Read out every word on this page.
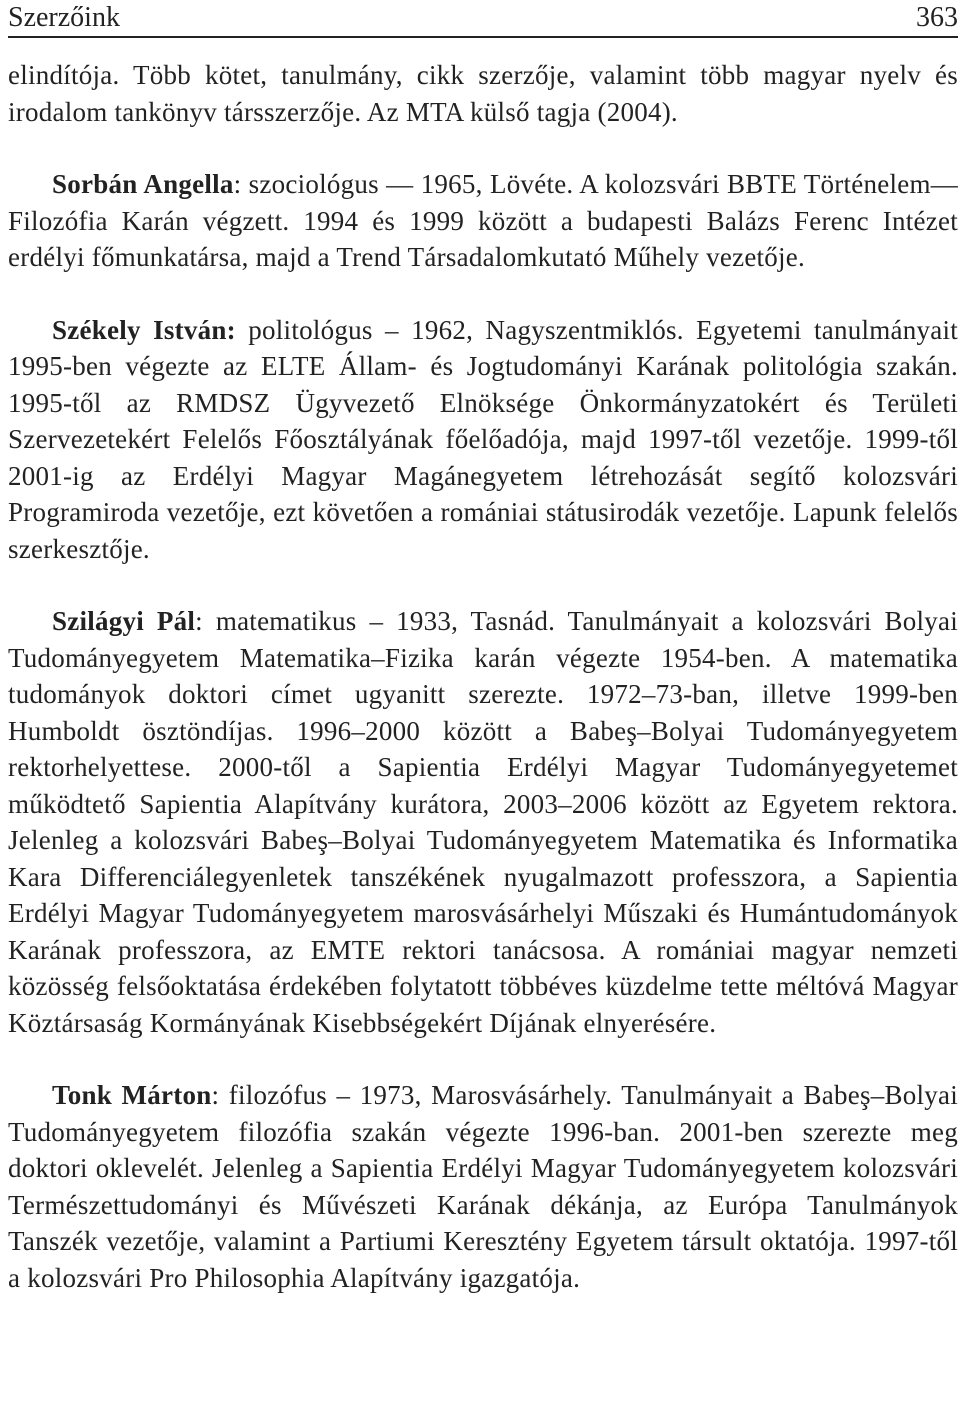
Szerzőink	363

elindítója. Több kötet, tanulmány, cikk szerzője, valamint több magyar nyelv és irodalom tankönyv társszerzője. Az MTA külső tagja (2004).

Sorbán Angella: szociológus — 1965, Lövéte. A kolozsvári BBTE Történelem—Filozófia Karán végzett. 1994 és 1999 között a budapesti Balázs Ferenc Intézet erdélyi főmunkatársa, majd a Trend Társadalomkutató Műhely vezetője.

Székely István: politológus – 1962, Nagyszentmiklós. Egyetemi tanulmányait 1995-ben végezte az ELTE Állam- és Jogtudományi Karának politológia szakán. 1995-től az RMDSZ Ügyvezető Elnöksége Önkormányzatokért és Területi Szervezetekért Felelős Főosztályának főelőadója, majd 1997-től vezetője. 1999-től 2001-ig az Erdélyi Magyar Magánegyetem létrehozását segítő kolozsvári Programiroda vezetője, ezt követően a romániai státusirodák vezetője. Lapunk felelős szerkesztője.

Szilágyi Pál: matematikus – 1933, Tasnád. Tanulmányait a kolozsvári Bolyai Tudományegyetem Matematika–Fizika karán végezte 1954-ben. A matematika tudományok doktori címet ugyanitt szerezte. 1972–73-ban, illetve 1999-ben Humboldt ösztöndíjas. 1996–2000 között a Babeş–Bolyai Tudományegyetem rektorhelyettese. 2000-től a Sapientia Erdélyi Magyar Tudományegyetemet működtető Sapientia Alapítvány kurátora, 2003–2006 között az Egyetem rektora. Jelenleg a kolozsvári Babeş–Bolyai Tudományegyetem Matematika és Informatika Kara Differenciálegyenletek tanszékének nyugalmazott professzora, a Sapientia Erdélyi Magyar Tudományegyetem marosvásárhelyi Műszaki és Humántudományok Karának professzora, az EMTE rektori tanácsosa. A romániai magyar nemzeti közösség felsőoktatása érdekében folytatott többéves küzdelme tette méltóvá Magyar Köztársaság Kormányának Kisebbségekért Díjának elnyerésére.

Tonk Márton: filozófus – 1973, Marosvásárhely. Tanulmányait a Babeş–Bolyai Tudományegyetem filozófia szakán végezte 1996-ban. 2001-ben szerezte meg doktori oklevelét. Jelenleg a Sapientia Erdélyi Magyar Tudományegyetem kolozsvári Természettudományi és Művészeti Karának dékánja, az Európa Tanulmányok Tanszék vezetője, valamint a Partiumi Keresztény Egyetem társult oktatója. 1997-től a kolozsvári Pro Philosophia Alapítvány igazgatója.
